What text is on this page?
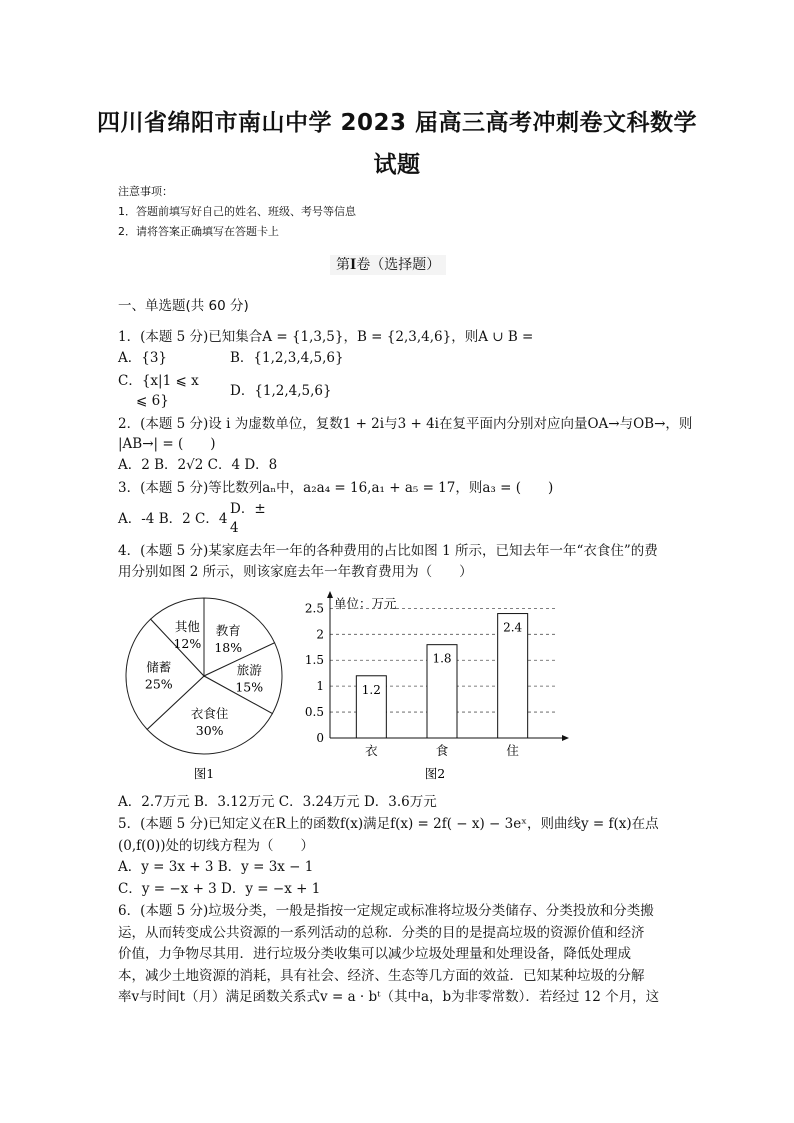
四川省绵阳市南山中学 2023 届高三高考冲刺卷文科数学
试题
注意事项：
1．答题前填写好自己的姓名、班级、考号等信息
2．请将答案正确填写在答题卡上
第I卷（选择题）
一、单选题(共 60 分)
1．(本题 5 分)已知集合A = {1,3,5}，B = {2,3,4,6}，则A ∪ B =
A．{3}	B．{1,2,3,4,5,6}
C．{x|1 ⩽ x
⩽ 6}
D．{1,2,4,5,6}
2．(本题 5 分)设 i 为虚数单位，复数1 + 2i与3 + 4i在复平面内分别对应向量OA→与OB→，则
|AB→| = (　　)
A．2 B．2√2 C．4 D．8
3．(本题 5 分)等比数列aₙ中，a₂a₄ = 16,a₁ + a₅ = 17，则a₃ = (　　)
A．-4 B．2 C．4
D．±
4
4．(本题 5 分)某家庭去年一年的各种费用的占比如图 1 所示，已知去年一年“衣食住”的费
用分别如图 2 所示，则该家庭去年一年教育费用为（　　）
教育
18%
旅游
15%
衣食住
30%
储蓄
25%
其他
12%
图1
单位：万元
0
0.5
1
1.5
2
2.5
1.2
衣
1.8
食
2.4
住
图2
A．2.7万元 B．3.12万元 C．3.24万元 D．3.6万元
5．(本题 5 分)已知定义在R上的函数f(x)满足f(x) = 2f( − x) − 3eˣ，则曲线y = f(x)在点
(0,f(0))处的切线方程为（　　）
A．y = 3x + 3 B．y = 3x − 1
C．y = −x + 3 D．y = −x + 1
6．(本题 5 分)垃圾分类，一般是指按一定规定或标准将垃圾分类储存、分类投放和分类搬
运，从而转变成公共资源的一系列活动的总称．分类的目的是提高垃圾的资源价值和经济
价值，力争物尽其用．进行垃圾分类收集可以减少垃圾处理量和处理设备，降低处理成
本，减少土地资源的消耗，具有社会、经济、生态等几方面的效益．已知某种垃圾的分解
率v与时间t（月）满足函数关系式v = a · bᵗ（其中a，b为非零常数）．若经过 12 个月，这
